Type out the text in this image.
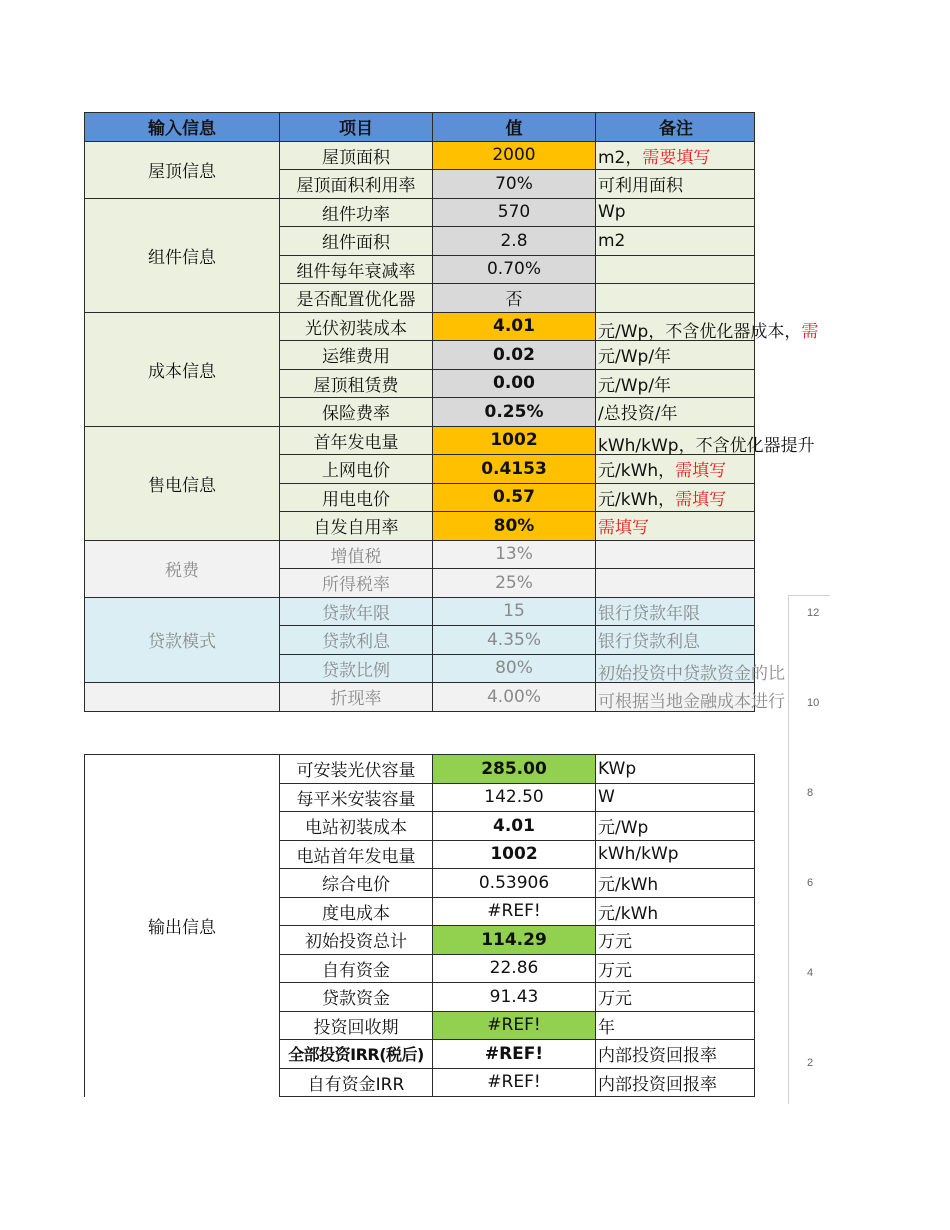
输入信息	项目	值	备注
屋顶信息	屋顶面积	2000	m2，需要填写
	屋顶面积利用率	70%	可利用面积
组件信息	组件功率	570	Wp
	组件面积	2.8	m2
	组件每年衰减率	0.70%	
	是否配置优化器	否	
成本信息	光伏初装成本	4.01	元/Wp，不含优化器成本，需

	运维费用	0.02	元/Wp/年
	屋顶租赁费	0.00	元/Wp/年
	保险费率	0.25%	/总投资/年
售电信息	首年发电量	1002	kWh/kWp，不含优化器提升

	上网电价	0.4153	元/kWh，需填写
	用电电价	0.57	元/kWh，需填写
	自发自用率	80%	需填写
税费	增值税	13%	
	所得税率	25%	
贷款模式	贷款年限	15	银行贷款年限
	贷款利息	4.35%	银行贷款利息
	贷款比例	80%	初始投资中贷款资金的比

	折现率	4.00%	可根据当地金融成本进行
输出信息	可安装光伏容量	285.00	KWp
	每平米安装容量	142.50	W
	电站初装成本	4.01	元/Wp
	电站首年发电量	1002	kWh/kWp
	综合电价	0.53906	元/kWh
	度电成本	#REF!	元/kWh
	初始投资总计	114.29	万元
	自有资金	22.86	万元
	贷款资金	91.43	万元
	投资回收期	#REF!	年
	全部投资IRR(税后)	#REF!	内部投资回报率
	自有资金IRR	#REF!	内部投资回报率
12
10
8
6
4
2
